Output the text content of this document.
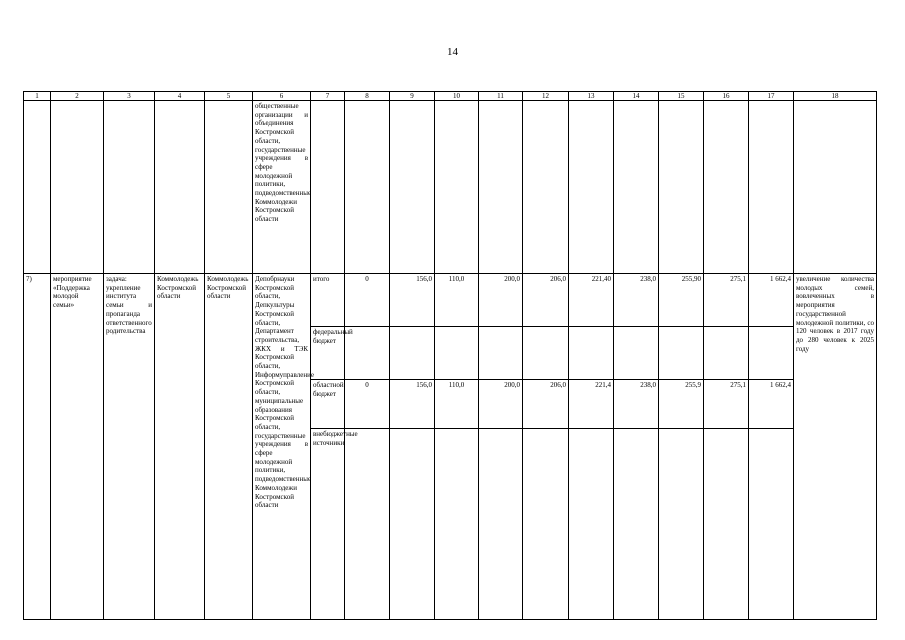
14
1	2	3	4	5	6	7	8	9	10	11	12	13	14	15	16	17	18
					общественные организации и объединения Костромской области, государственные учреждения в сфере молодежной политики, подведомственные Коммолодежи Костромской области												
7)	мероприятие «Поддержка молодой семьи»	задача: укрепление института семьи и пропаганда ответственного родительства	Коммолодежь Костромской области	Коммолодежь Костромской области	Депобрнауки Костромской области, Депкультуры Костромской области, Департамент строительства, ЖКХ и ТЭК Костромской области, Информуправление Костромской области, муниципальные образования Костромской области, государственные учреждения в сфере молодежной политики, подведомственные Коммолодежи Костромской области	итого	0	156,0	110,0	200,0	206,0	221,40	238,0	255,90	275,1	1 662,4	увеличение количества молодых семей, вовлеченных в мероприятия государственной молодежной политики, со 120 человек в 2017 году до 280 человек к 2025 году
						федеральный бюджет											
						областной бюджет	0	156,0	110,0	200,0	206,0	221,4	238,0	255,9	275,1	1 662,4	
						внебюджетные источники											
